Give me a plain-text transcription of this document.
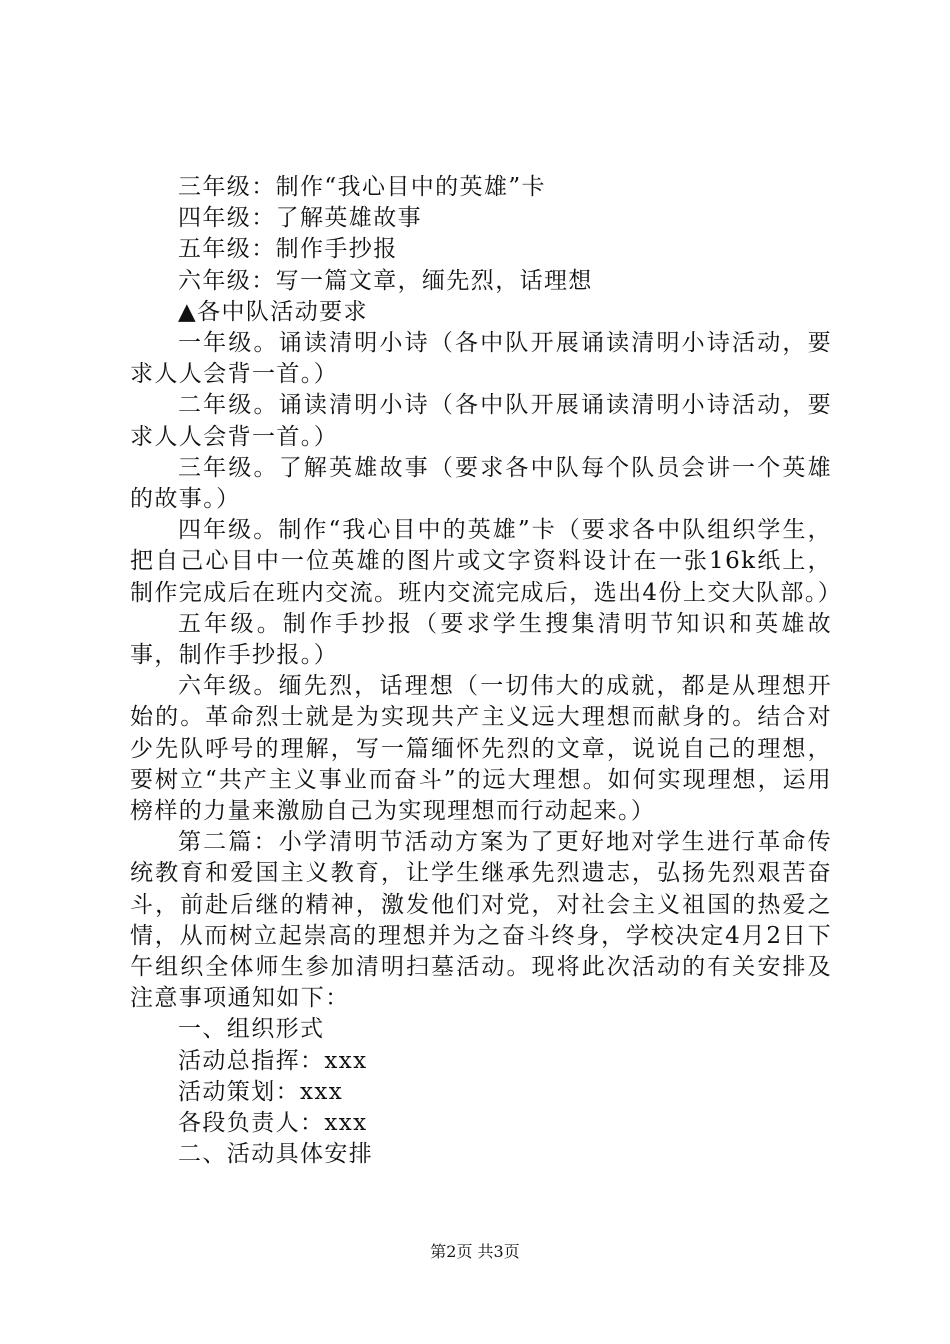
三年级：制作“我心目中的英雄”卡

四年级：了解英雄故事

五年级：制作手抄报

六年级：写一篇文章，缅先烈，话理想

▲各中队活动要求

一年级。诵读清明小诗（各中队开展诵读清明小诗活动，要求人人会背一首。）

二年级。诵读清明小诗（各中队开展诵读清明小诗活动，要求人人会背一首。）

三年级。了解英雄故事（要求各中队每个队员会讲一个英雄的故事。）

四年级。制作“我心目中的英雄”卡（要求各中队组织学生，把自己心目中一位英雄的图片或文字资料设计在一张16k纸上，制作完成后在班内交流。班内交流完成后，选出4份上交大队部。）

五年级。制作手抄报（要求学生搜集清明节知识和英雄故事，制作手抄报。）

六年级。缅先烈，话理想（一切伟大的成就，都是从理想开始的。革命烈士就是为实现共产主义远大理想而献身的。结合对少先队呼号的理解，写一篇缅怀先烈的文章，说说自己的理想，要树立“共产主义事业而奋斗”的远大理想。如何实现理想，运用榜样的力量来激励自己为实现理想而行动起来。）

第二篇：小学清明节活动方案为了更好地对学生进行革命传统教育和爱国主义教育，让学生继承先烈遗志，弘扬先烈艰苦奋斗，前赴后继的精神，激发他们对党，对社会主义祖国的热爱之情，从而树立起崇高的理想并为之奋斗终身，学校决定4月2日下午组织全体师生参加清明扫墓活动。现将此次活动的有关安排及注意事项通知如下：

一、组织形式

活动总指挥：xxx

活动策划：xxx

各段负责人：xxx

二、活动具体安排

第2页 共3页
